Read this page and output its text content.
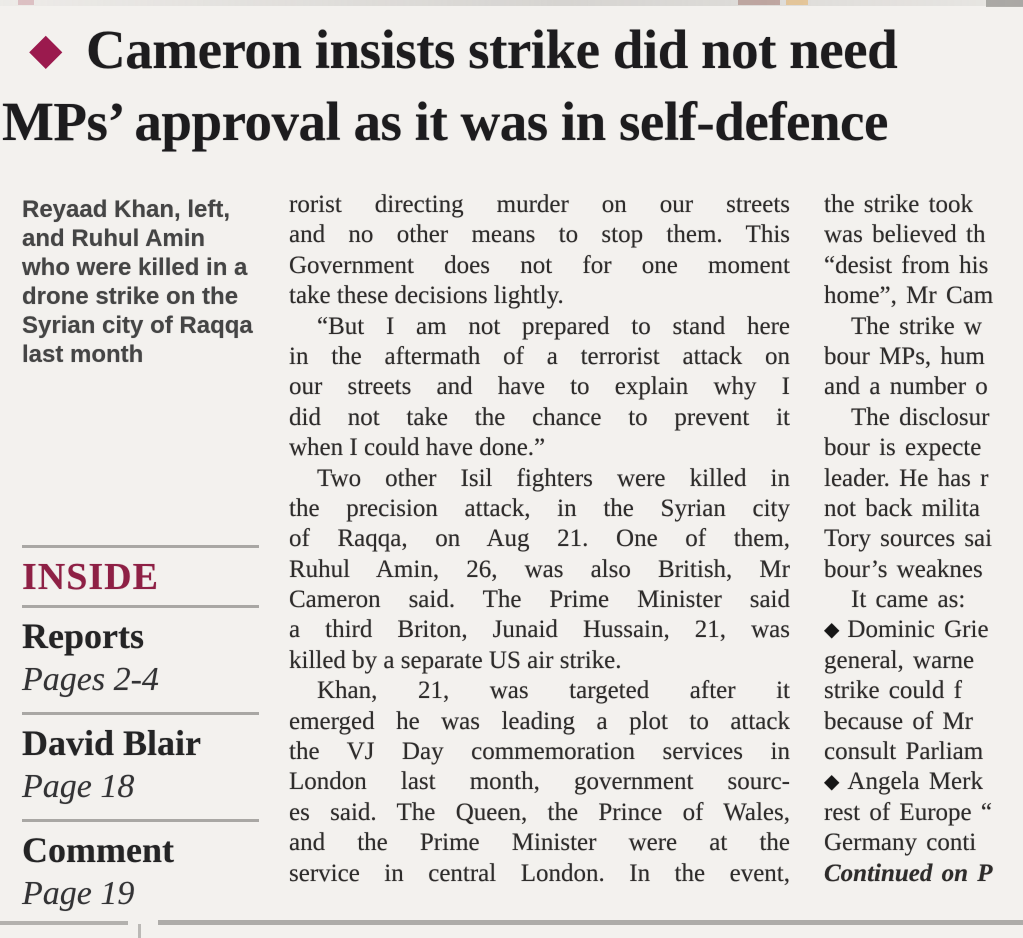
◆ Cameron insists strike did not need
MPs’ approval as it was in self-defence
Reyaad Khan, left,
and Ruhul Amin
who were killed in a
drone strike on the
Syrian city of Raqqa
last month
INSIDE
Reports
Pages 2-4
David Blair
Page 18
Comment
Page 19
rorist directing murder on our streets
and no other means to stop them. This
Government does not for one moment
take these decisions lightly.
“But I am not prepared to stand here
in the aftermath of a terrorist attack on
our streets and have to explain why I
did not take the chance to prevent it
when I could have done.”
Two other Isil fighters were killed in
the precision attack, in the Syrian city
of Raqqa, on Aug 21. One of them,
Ruhul Amin, 26, was also British, Mr
Cameron said. The Prime Minister said
a third Briton, Junaid Hussain, 21, was
killed by a separate US air strike.
Khan, 21, was targeted after it
emerged he was leading a plot to attack
the VJ Day commemoration services in
London last month, government sourc-
es said. The Queen, the Prince of Wales,
and the Prime Minister were at the
service in central London. In the event,
the strike took
was believed th
“desist from his
home”, Mr Cam
The strike w
bour MPs, hum
and a number o
The disclosur
bour is expecte
leader. He has r
not back milita
Tory sources sai
bour’s weaknes
It came as:
◆ Dominic Grie
general, warne
strike could f
because of Mr
consult Parliam
◆ Angela Merk
rest of Europe “
Germany conti
Continued on P
